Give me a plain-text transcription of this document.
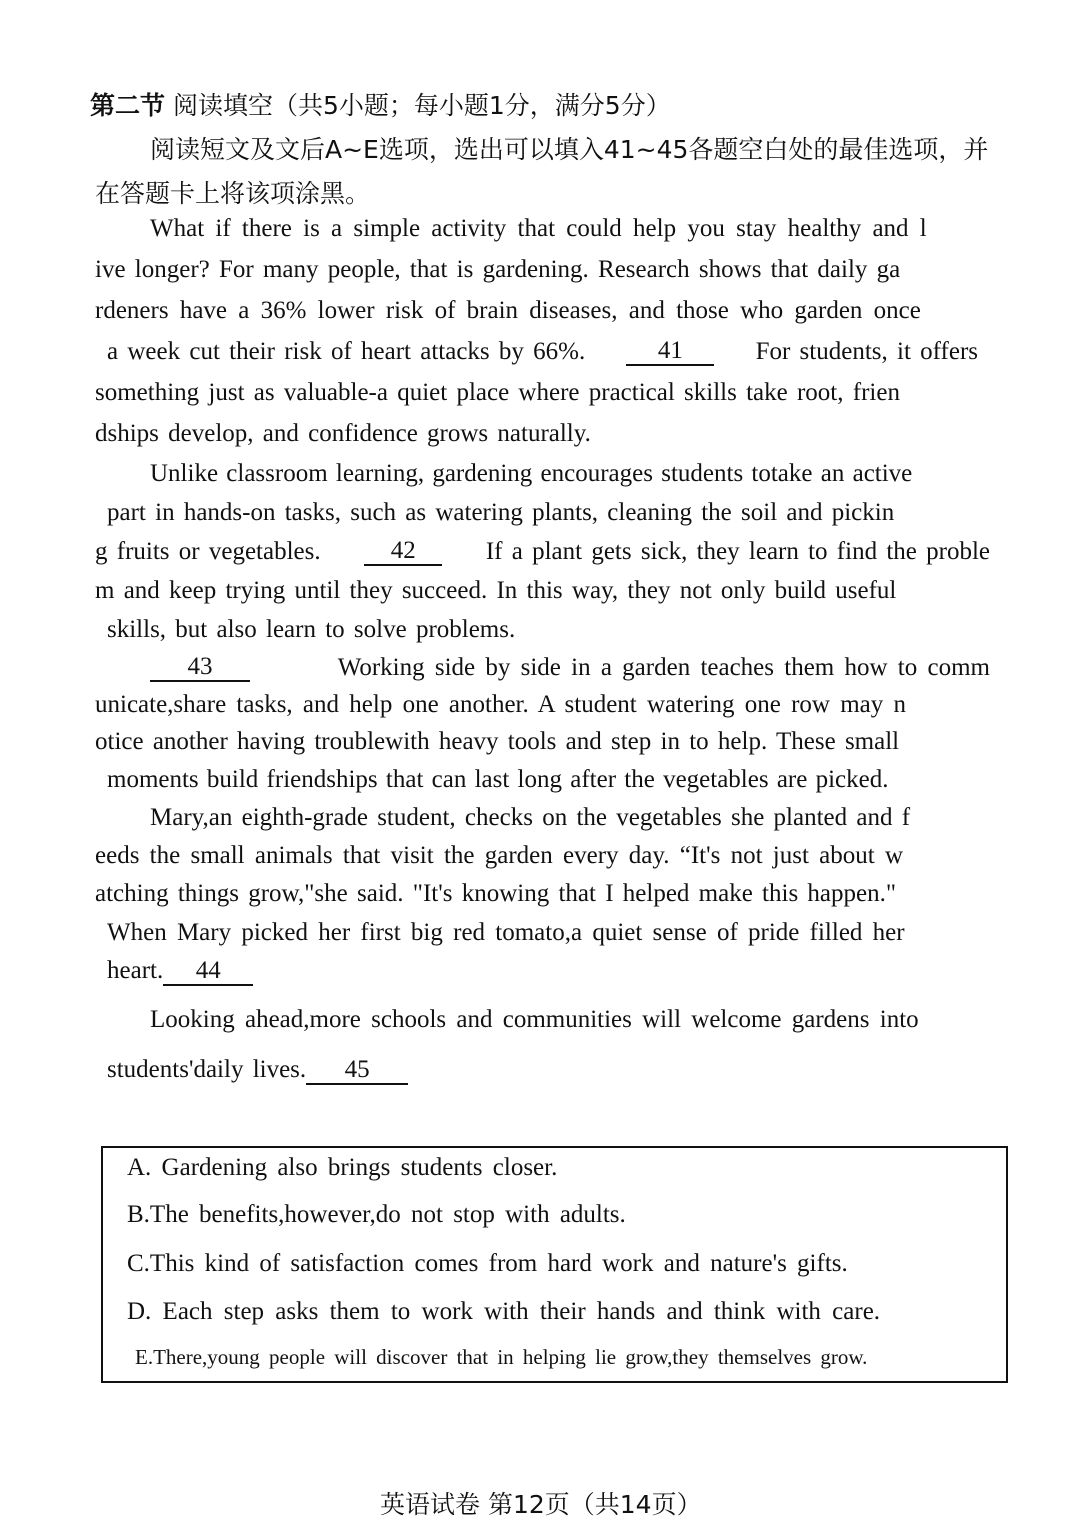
第二节 阅读填空（共5小题；每小题1分，满分5分）
阅读短文及文后A~E选项，选出可以填入41~45各题空白处的最佳选项，并
在答题卡上将该项涂黑。
What if there is a simple activity that could help you stay healthy and l
ive longer? For many people, that is gardening. Research shows that daily ga
rdeners have a 36% lower risk of brain diseases, and those who garden once
a week cut their risk of heart attacks by 66%.	41	For students, it offers
something just as valuable-a quiet place where practical skills take root, frien
dships develop, and confidence grows naturally.
Unlike classroom learning, gardening encourages students totake an active
part in hands-on tasks, such as watering plants, cleaning the soil and pickin
g fruits or vegetables.	42	If a plant gets sick, they learn to find the proble
m and keep trying until they succeed. In this way, they not only build useful
skills, but also learn to solve problems.
43	Working side by side in a garden teaches them how to comm
unicate,share tasks, and help one another. A student watering one row may n
otice another having troublewith heavy tools and step in to help. These small
moments build friendships that can last long after the vegetables are picked.
Mary,an eighth-grade student, checks on the vegetables she planted and f
eeds the small animals that visit the garden every day. “It's not just about w
atching things grow,"she said. "It's knowing that I helped make this happen."
When Mary picked her first big red tomato,a quiet sense of pride filled her
heart. 44
Looking ahead,more schools and communities will welcome gardens into
students'daily lives. 45
A. Gardening also brings students closer.
B.The benefits,however,do not stop with adults.
C.This kind of satisfaction comes from hard work and nature's gifts.
D. Each step asks them to work with their hands and think with care.
E.There,young people will discover that in helping lie grow,they themselves grow.
英语试卷 第12页（共14页）
